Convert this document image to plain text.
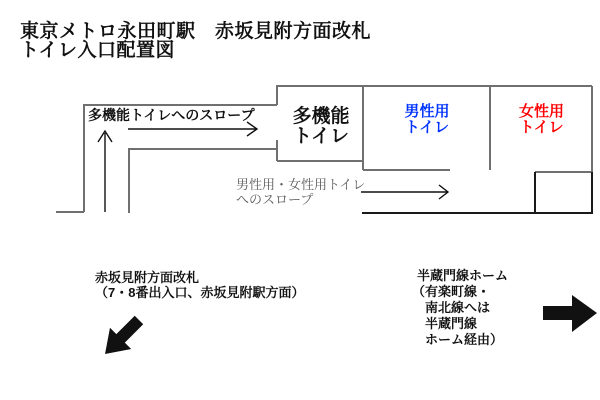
東京メトロ永田町駅　赤坂見附方面改札
トイレ入口配置図
多機能トイレへのスロープ	多機能
トイレ
男性用
トイレ
女性用
トイレ
男性用・女性用トイレ
へのスロープ
赤坂見附方面改札
（7・8番出入口、赤坂見附駅方面）
半蔵門線ホーム
（有楽町線・
南北線へは
半蔵門線
ホーム経由）
